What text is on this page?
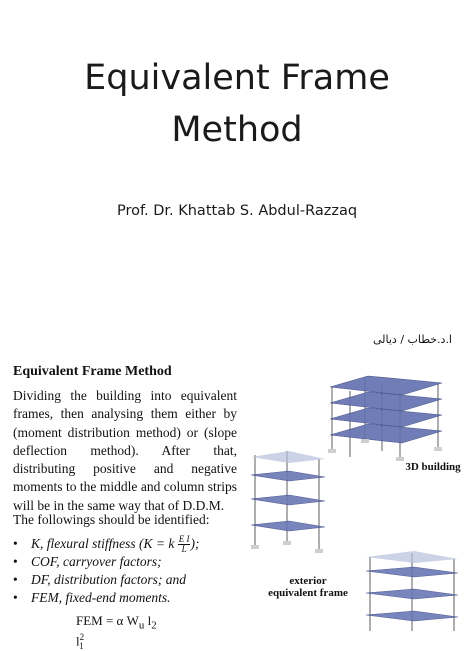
Equivalent Frame
Method
Prof. Dr. Khattab S. Abdul-Razzaq
ا.د.خطاب / ديالى
Equivalent Frame Method
Dividing the building into equivalent frames, then analysing them either by (moment distribution method) or (slope deflection method). After that, distributing positive and negative moments to the middle and column strips will be in the same way that of D.D.M.
The followings should be identified:
• K, flexural stiffness (K = k $\frac{\text{E I}}{L}$ );
• COF, carryover factors;
• DF, distribution factors; and
• FEM, fixed-end moments.
FEM = α $W_u$ $l_2$ $l^2_1$
3D building
exterior
equivalent frame
